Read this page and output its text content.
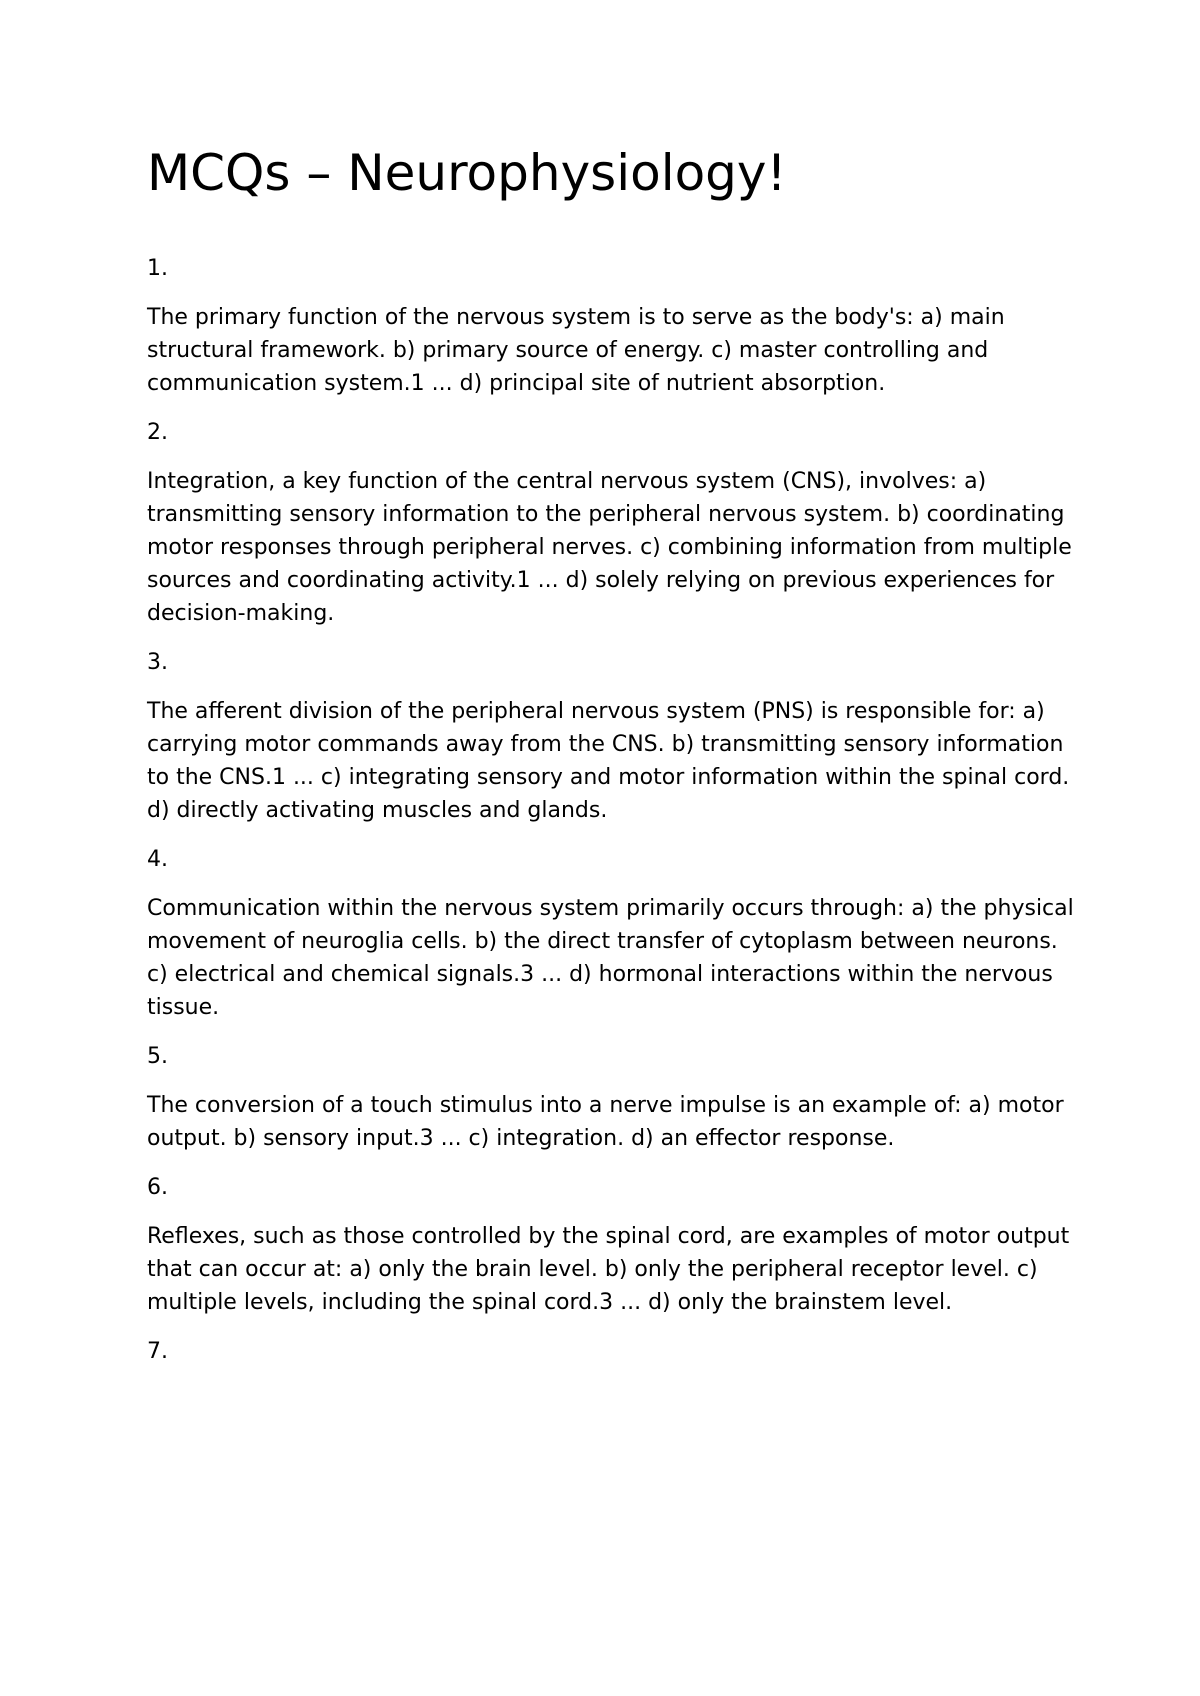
MCQs – Neurophysiology!

1.

The primary function of the nervous system is to serve as the body's: a) main structural framework. b) primary source of energy. c) master controlling and communication system.1 ... d) principal site of nutrient absorption.

2.

Integration, a key function of the central nervous system (CNS), involves: a) transmitting sensory information to the peripheral nervous system. b) coordinating motor responses through peripheral nerves. c) combining information from multiple sources and coordinating activity.1 ... d) solely relying on previous experiences for decision-making.

3.

The afferent division of the peripheral nervous system (PNS) is responsible for: a) carrying motor commands away from the CNS. b) transmitting sensory information to the CNS.1 ... c) integrating sensory and motor information within the spinal cord. d) directly activating muscles and glands.

4.

Communication within the nervous system primarily occurs through: a) the physical movement of neuroglia cells. b) the direct transfer of cytoplasm between neurons. c) electrical and chemical signals.3 ... d) hormonal interactions within the nervous tissue.

5.

The conversion of a touch stimulus into a nerve impulse is an example of: a) motor output. b) sensory input.3 ... c) integration. d) an effector response.

6.

Reflexes, such as those controlled by the spinal cord, are examples of motor output that can occur at: a) only the brain level. b) only the peripheral receptor level. c) multiple levels, including the spinal cord.3 ... d) only the brainstem level.

7.
